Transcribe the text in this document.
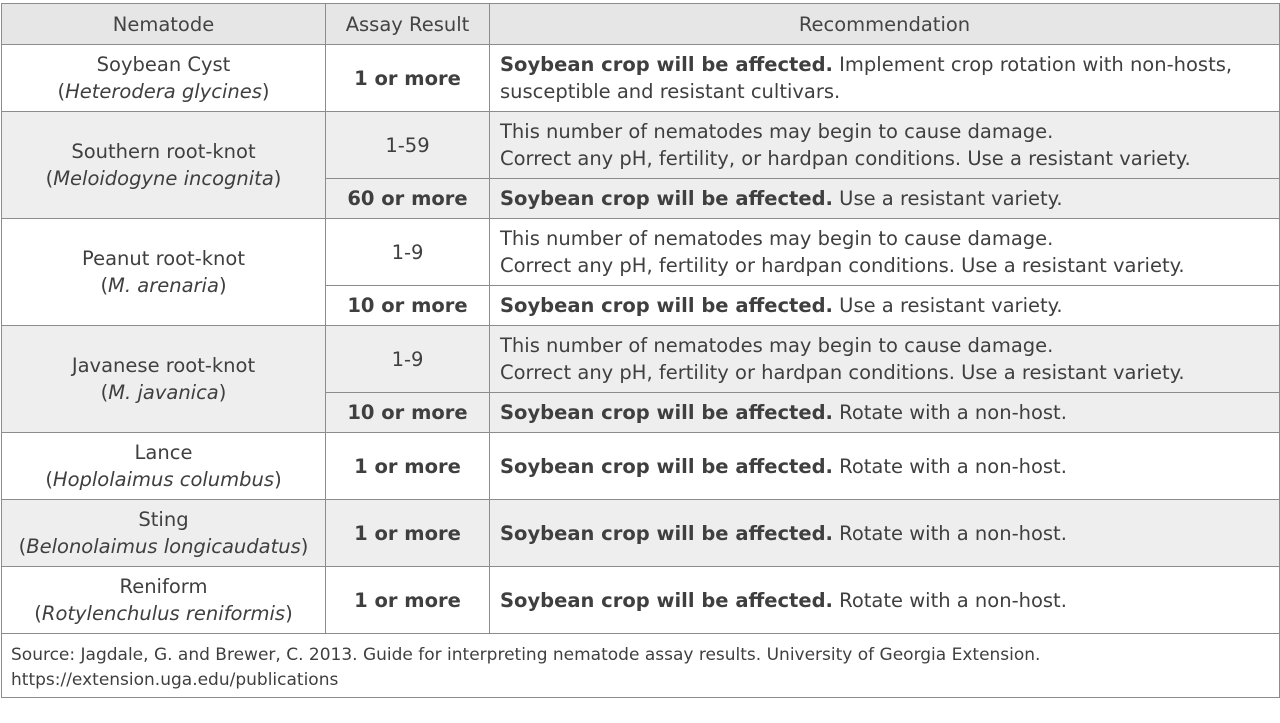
Nematode	Assay Result	Recommendation
Soybean Cyst
(Heterodera glycines)	1 or more	Soybean crop will be affected. Implement crop rotation with non-hosts, susceptible and resistant cultivars.
Southern root-knot
(Meloidogyne incognita)	1-59	This number of nematodes may begin to cause damage.
Correct any pH, fertility, or hardpan conditions. Use a resistant variety.
	60 or more	Soybean crop will be affected. Use a resistant variety.
Peanut root-knot
(M. arenaria)	1-9	This number of nematodes may begin to cause damage.
Correct any pH, fertility or hardpan conditions. Use a resistant variety.
	10 or more	Soybean crop will be affected. Use a resistant variety.
Javanese root-knot
(M. javanica)	1-9	This number of nematodes may begin to cause damage.
Correct any pH, fertility or hardpan conditions. Use a resistant variety.
	10 or more	Soybean crop will be affected. Rotate with a non-host.
Lance
(Hoplolaimus columbus)	1 or more	Soybean crop will be affected. Rotate with a non-host.
Sting
(Belonolaimus longicaudatus)	1 or more	Soybean crop will be affected. Rotate with a non-host.
Reniform
(Rotylenchulus reniformis)	1 or more	Soybean crop will be affected. Rotate with a non-host.
Source: Jagdale, G. and Brewer, C. 2013. Guide for interpreting nematode assay results. University of Georgia Extension.
https://extension.uga.edu/publications		
